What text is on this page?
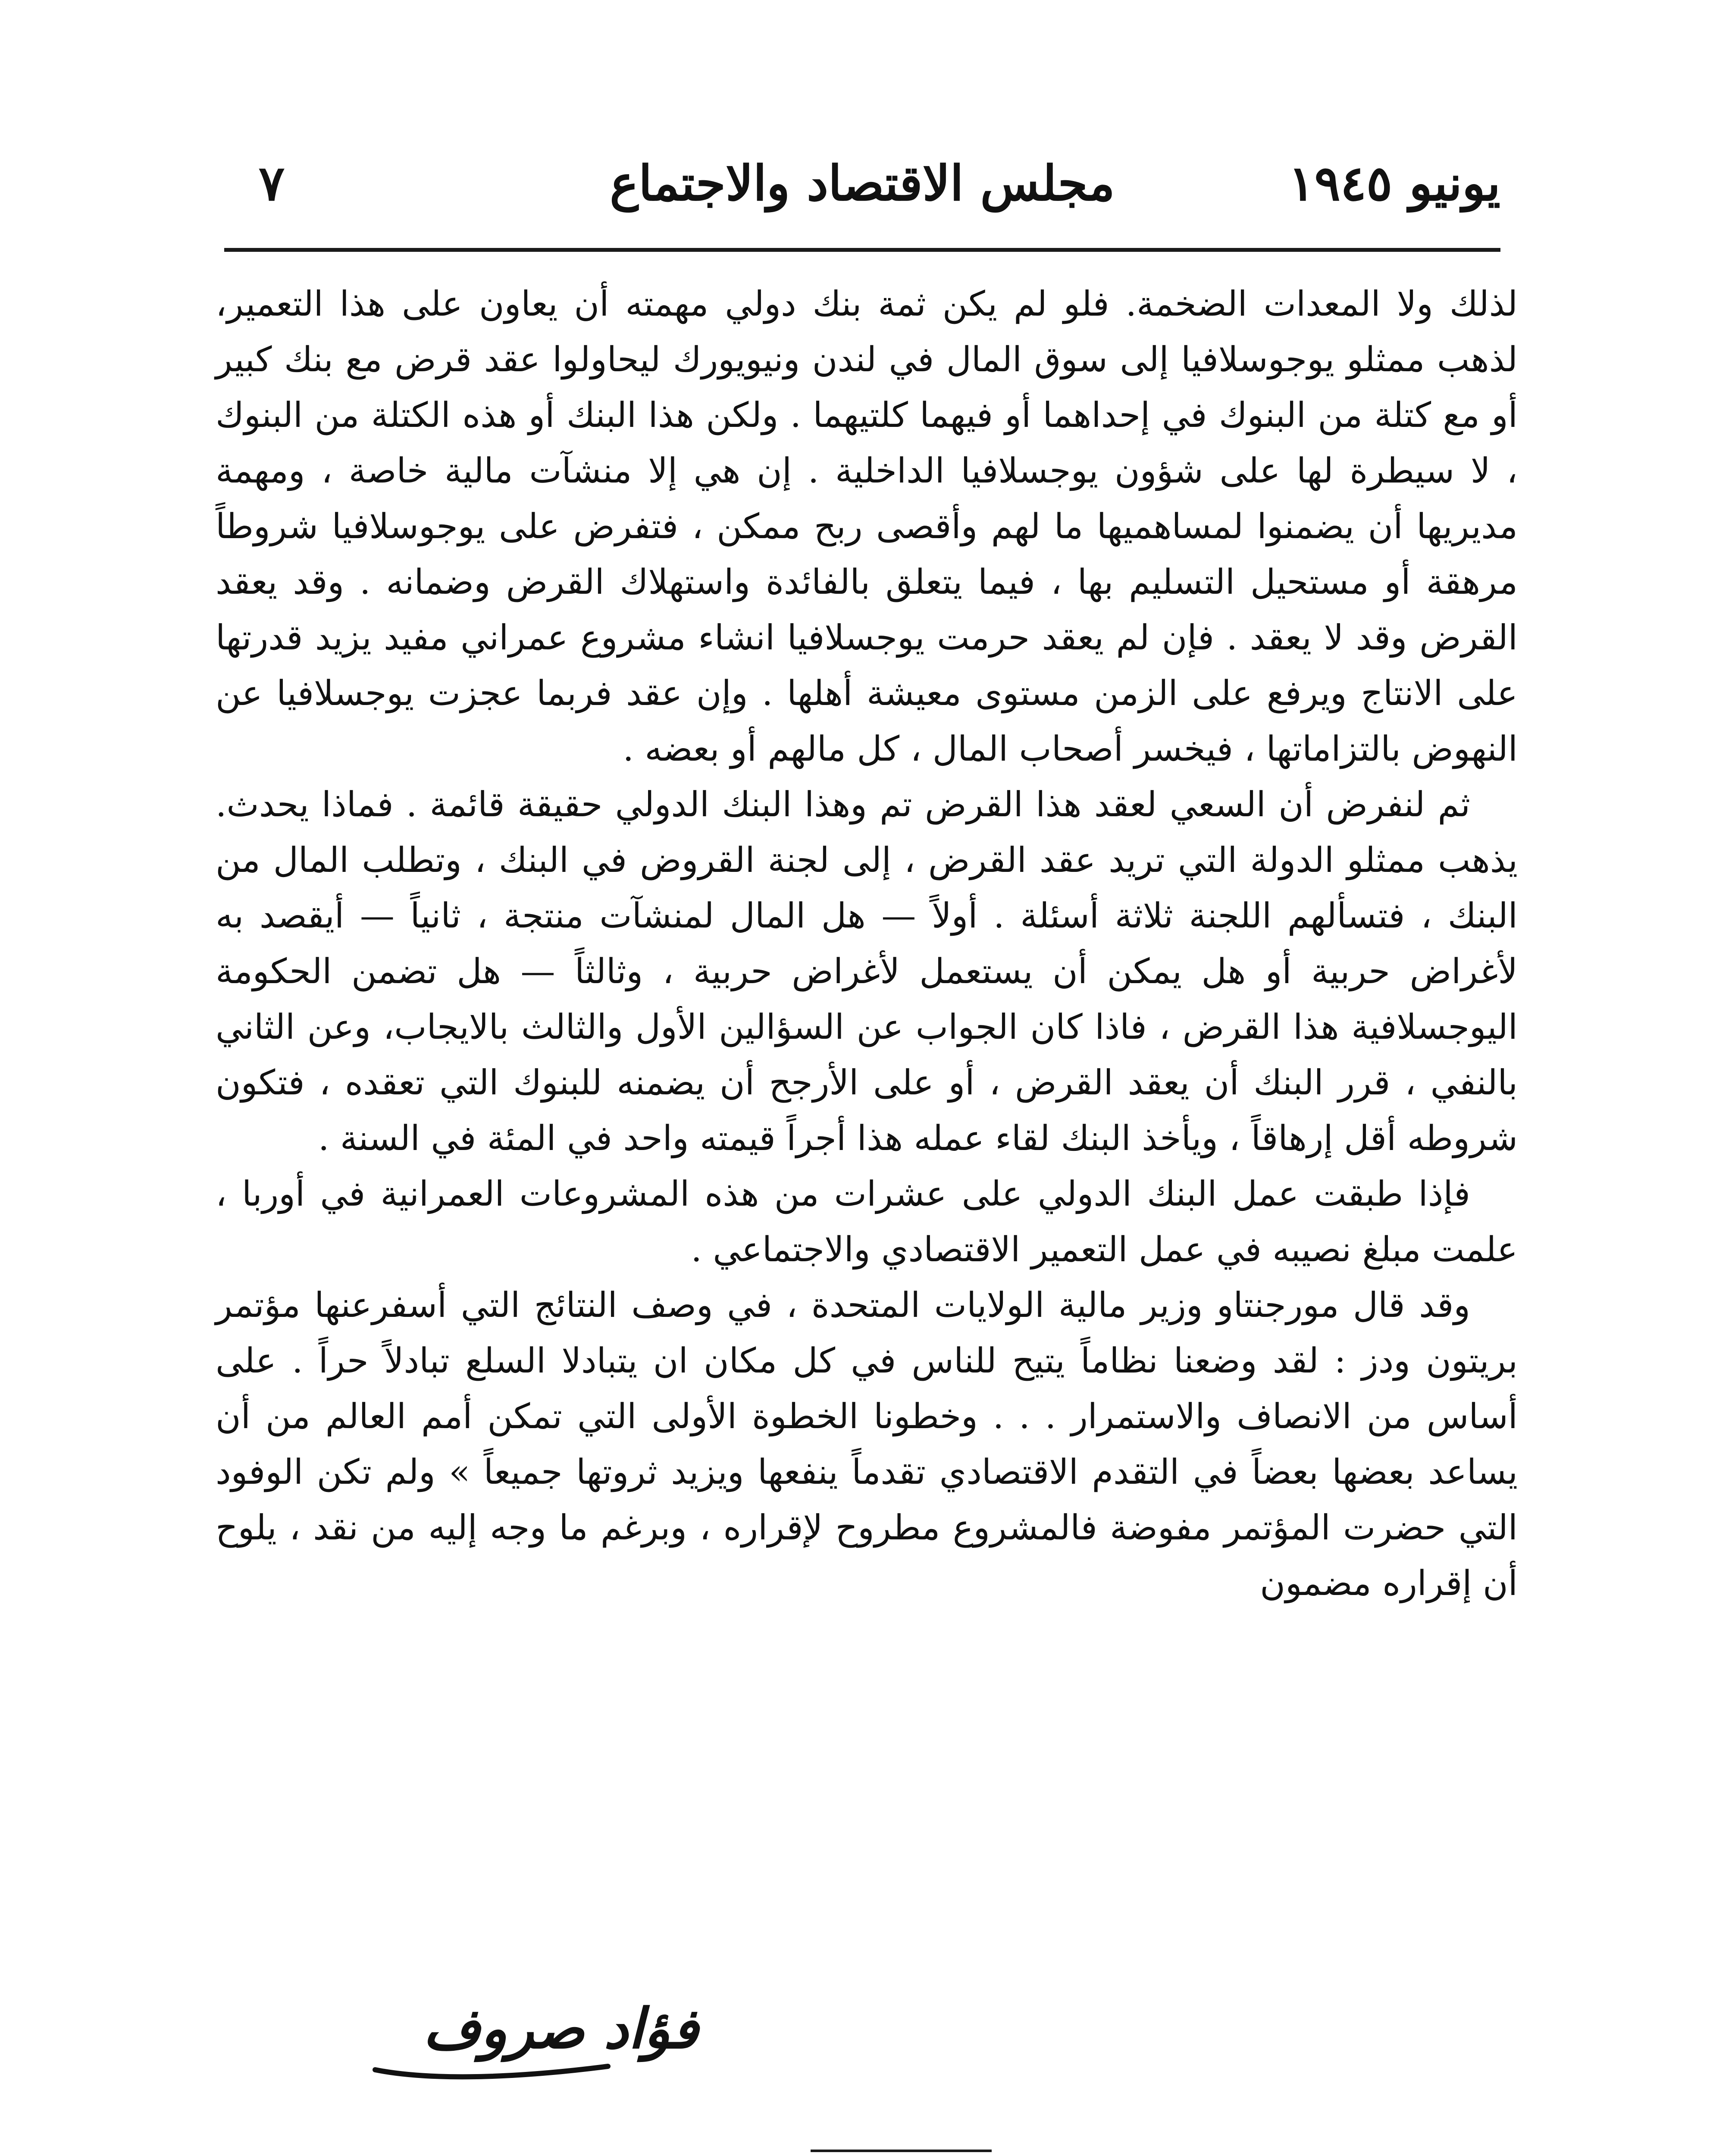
يونيو ١٩٤٥
مجلس الاقتصاد والاجتماع
٧

لذلك ولا المعدات الضخمة. فلو لم يكن ثمة بنك دولي مهمته أن يعاون على هذا التعمير، لذهب ممثلو يوجوسلافيا إلى سوق المال في لندن ونيويورك ليحاولوا عقد قرض مع بنك كبير أو مع كتلة من البنوك في إحداهما أو فيهما كلتيهما . ولكن هذا البنك أو هذه الكتلة من البنوك ، لا سيطرة لها على شؤون يوجسلافيا الداخلية . إن هي إلا منشآت مالية خاصة ، ومهمة مديريها أن يضمنوا لمساهميها ما لهم وأقصى ربح ممكن ، فتفرض على يوجوسلافيا شروطاً مرهقة أو مستحيل التسليم بها ، فيما يتعلق بالفائدة واستهلاك القرض وضمانه . وقد يعقد القرض وقد لا يعقد . فإن لم يعقد حرمت يوجسلافيا انشاء مشروع عمراني مفيد يزيد قدرتها على الانتاج ويرفع على الزمن مستوى معيشة أهلها . وإن عقد فربما عجزت يوجسلافيا عن النهوض بالتزاماتها ، فيخسر أصحاب المال ، كل مالهم أو بعضه .

ثم لنفرض أن السعي لعقد هذا القرض تم وهذا البنك الدولي حقيقة قائمة . فماذا يحدث. يذهب ممثلو الدولة التي تريد عقد القرض ، إلى لجنة القروض في البنك ، وتطلب المال من البنك ، فتسألهم اللجنة ثلاثة أسئلة . أولاً — هل المال لمنشآت منتجة ، ثانياً — أيقصد به لأغراض حربية أو هل يمكن أن يستعمل لأغراض حربية ، وثالثاً — هل تضمن الحكومة اليوجسلافية هذا القرض ، فاذا كان الجواب عن السؤالين الأول والثالث بالايجاب، وعن الثاني بالنفي ، قرر البنك أن يعقد القرض ، أو على الأرجح أن يضمنه للبنوك التي تعقده ، فتكون شروطه أقل إرهاقاً ، ويأخذ البنك لقاء عمله هذا أجراً قيمته واحد في المئة في السنة .

فإذا طبقت عمل البنك الدولي على عشرات من هذه المشروعات العمرانية في أوربا ، علمت مبلغ نصيبه في عمل التعمير الاقتصادي والاجتماعي .

وقد قال مورجنتاو وزير مالية الولايات المتحدة ، في وصف النتائج التي أسفرعنها مؤتمر بريتون ودز : لقد وضعنا نظاماً يتيح للناس في كل مكان ان يتبادلا السلع تبادلاً حراً . على أساس من الانصاف والاستمرار . . . وخطونا الخطوة الأولى التي تمكن أمم العالم من أن يساعد بعضها بعضاً في التقدم الاقتصادي تقدماً ينفعها ويزيد ثروتها جميعاً » ولم تكن الوفود التي حضرت المؤتمر مفوضة فالمشروع مطروح لإقراره ، وبرغم ما وجه إليه من نقد ، يلوح أن إقراره مضمون

فؤاد صروف
